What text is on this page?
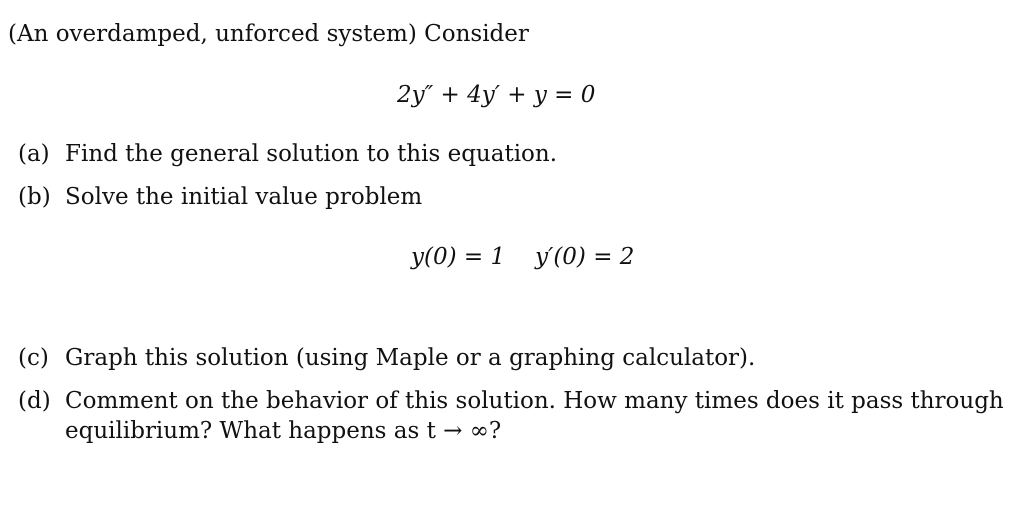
(An overdamped, unforced system) Consider
2y″ + 4y′ + y = 0
(a) Find the general solution to this equation.
(b) Solve the initial value problem
y(0) = 1 y′(0) = 2
(c) Graph this solution (using Maple or a graphing calculator).
(d) Comment on the behavior of this solution. How many times does it pass through
equilibrium? What happens as t → ∞?
